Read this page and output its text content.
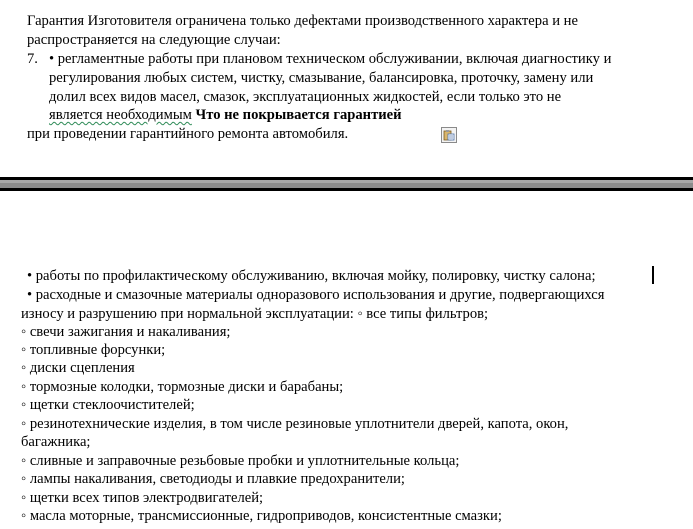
Гарантия Изготовителя ограничена только дефектами производственного характера и не
распространяется на следующие случаи:
7. • регламентные работы при плановом техническом обслуживании, включая диагностику и
регулирования любых систем, чистку, смазывание, балансировка, проточку, замену или
долил всех видов масел, смазок, эксплуатационных жидкостей, если только это не
является необходимым Что не покрывается гарантией
при проведении гарантийного ремонта автомобиля.
• работы по профилактическому обслуживанию, включая мойку, полировку, чистку салона;
• расходные и смазочные материалы одноразового использования и другие, подвергающихся
износу и разрушению при нормальной эксплуатации: ◦ все типы фильтров;
◦ свечи зажигания и накаливания;
◦ топливные форсунки;
◦ диски сцепления
◦ тормозные колодки, тормозные диски и барабаны;
◦ щетки стеклоочистителей;
◦ резинотехнические изделия, в том числе резиновые уплотнители дверей, капота, окон,
багажника;
◦ сливные и заправочные резьбовые пробки и уплотнительные кольца;
◦ лампы накаливания, светодиоды и плавкие предохранители;
◦ щетки всех типов электродвигателей;
◦ масла моторные, трансмиссионные, гидроприводов, консистентные смазки;
